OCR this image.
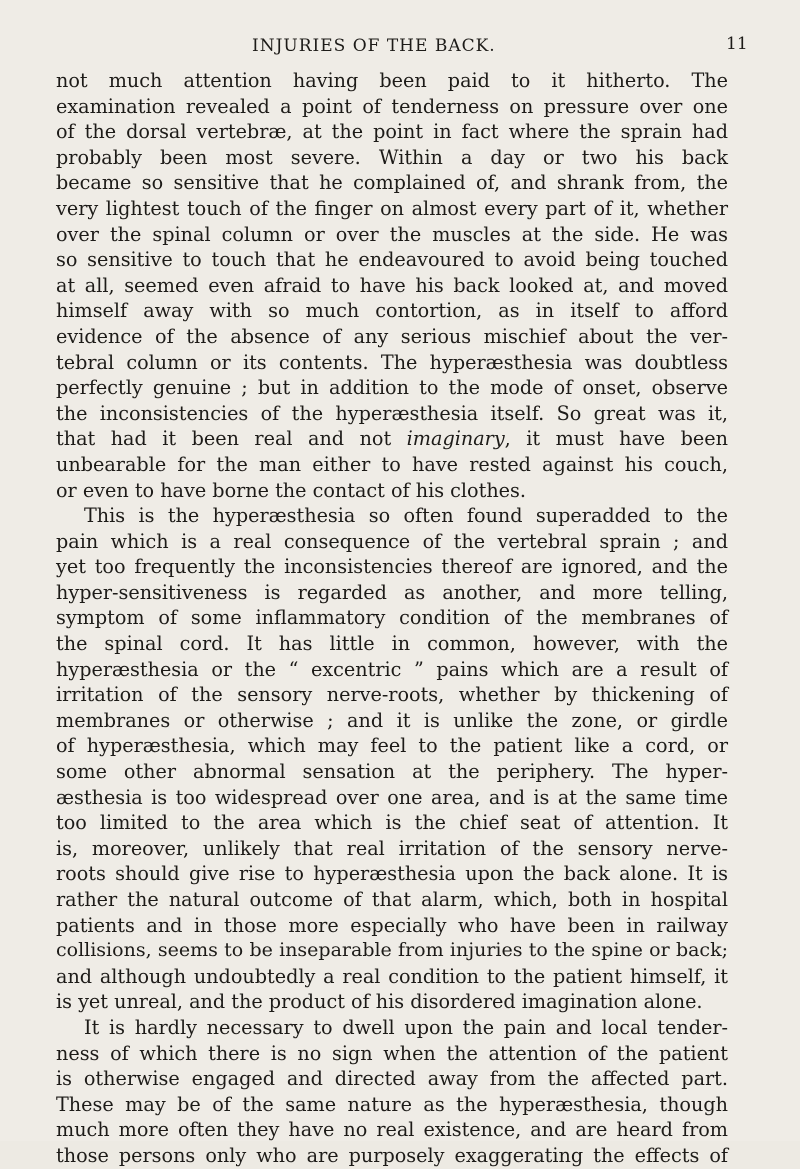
INJURIES OF THE BACK.	11
not much attention having been paid to it hitherto. The
examination revealed a point of tenderness on pressure over one
of the dorsal vertebræ, at the point in fact where the sprain had
probably been most severe. Within a day or two his back
became so sensitive that he complained of, and shrank from, the
very lightest touch of the finger on almost every part of it, whether
over the spinal column or over the muscles at the side. He was
so sensitive to touch that he endeavoured to avoid being touched
at all, seemed even afraid to have his back looked at, and moved
himself away with so much contortion, as in itself to afford
evidence of the absence of any serious mischief about the ver-
tebral column or its contents. The hyperæsthesia was doubtless
perfectly genuine ; but in addition to the mode of onset, observe
the inconsistencies of the hyperæsthesia itself. So great was it,
that had it been real and not imaginary, it must have been
unbearable for the man either to have rested against his couch,
or even to have borne the contact of his clothes.
This is the hyperæsthesia so often found superadded to the
pain which is a real consequence of the vertebral sprain ; and
yet too frequently the inconsistencies thereof are ignored, and the
hyper-sensitiveness is regarded as another, and more telling,
symptom of some inflammatory condition of the membranes of
the spinal cord. It has little in common, however, with the
hyperæsthesia or the “ excentric ” pains which are a result of
irritation of the sensory nerve-roots, whether by thickening of
membranes or otherwise ; and it is unlike the zone, or girdle
of hyperæsthesia, which may feel to the patient like a cord, or
some other abnormal sensation at the periphery. The hyper-
æsthesia is too widespread over one area, and is at the same time
too limited to the area which is the chief seat of attention. It
is, moreover, unlikely that real irritation of the sensory nerve-
roots should give rise to hyperæsthesia upon the back alone. It is
rather the natural outcome of that alarm, which, both in hospital
patients and in those more especially who have been in railway
collisions, seems to be inseparable from injuries to the spine or back;
and although undoubtedly a real condition to the patient himself, it
is yet unreal, and the product of his disordered imagination alone.
It is hardly necessary to dwell upon the pain and local tender-
ness of which there is no sign when the attention of the patient
is otherwise engaged and directed away from the affected part.
These may be of the same nature as the hyperæsthesia, though
much more often they have no real existence, and are heard from
those persons only who are purposely exaggerating the effects of
